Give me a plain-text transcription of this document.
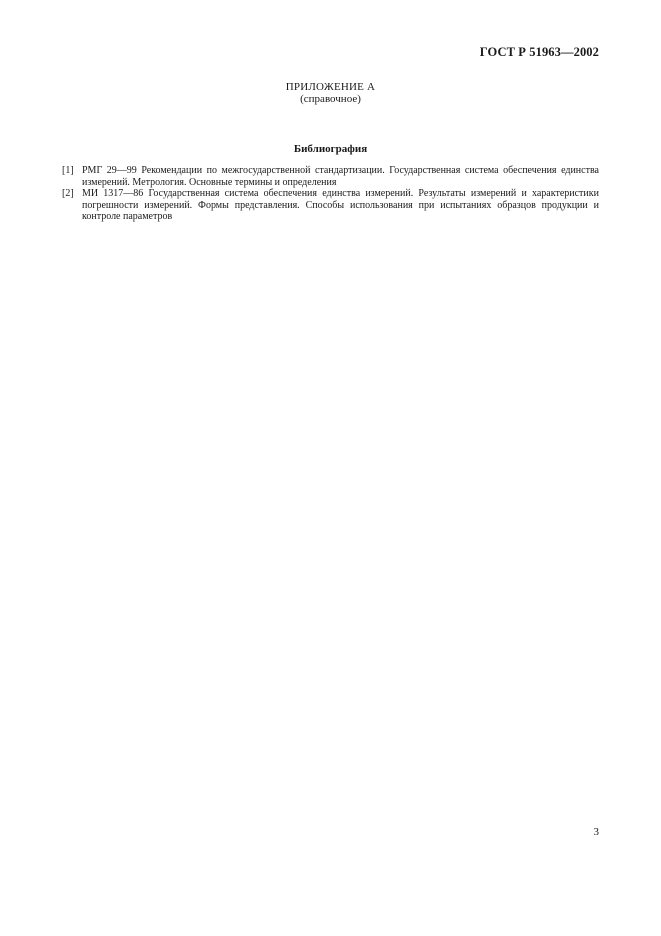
ГОСТ Р 51963—2002
ПРИЛОЖЕНИЕ А
(справочное)
Библиография
[1] РМГ 29—99 Рекомендации по межгосударственной стандартизации. Государственная система обеспечения единства измерений. Метрология. Основные термины и определения
[2] МИ 1317—86 Государственная система обеспечения единства измерений. Результаты измерений и характеристики погрешности измерений. Формы представления. Способы использования при испытаниях образцов продукции и контроле параметров
3
